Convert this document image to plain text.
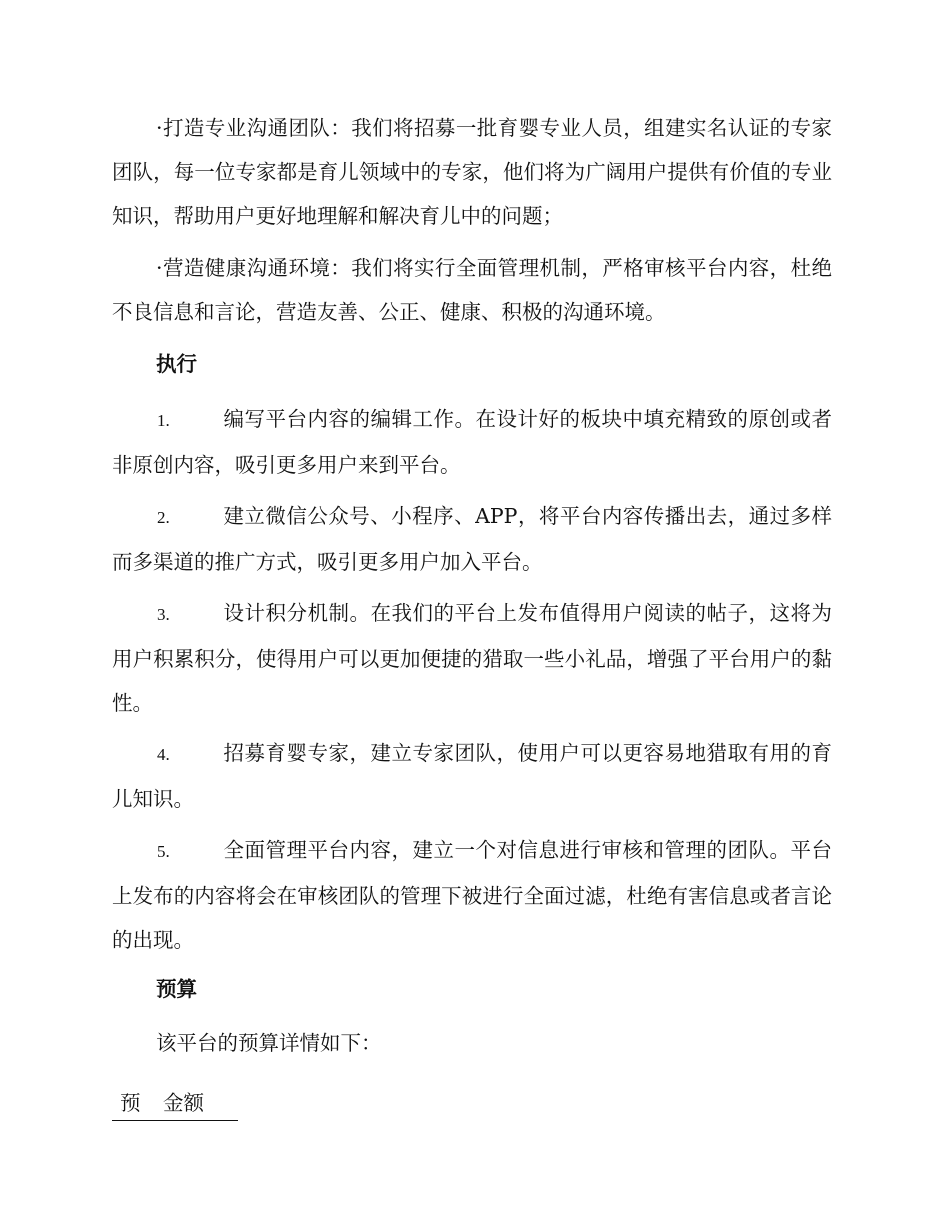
·打造专业沟通团队：我们将招募一批育婴专业人员，组建实名认证的专家团队，每一位专家都是育儿领域中的专家，他们将为广阔用户提供有价值的专业知识，帮助用户更好地理解和解决育儿中的问题；

·营造健康沟通环境：我们将实行全面管理机制，严格审核平台内容，杜绝不良信息和言论，营造友善、公正、健康、积极的沟通环境。

执行

1.	编写平台内容的编辑工作。在设计好的板块中填充精致的原创或者非原创内容，吸引更多用户来到平台。

2.	建立微信公众号、小程序、APP，将平台内容传播出去，通过多样而多渠道的推广方式，吸引更多用户加入平台。

3.	设计积分机制。在我们的平台上发布值得用户阅读的帖子，这将为用户积累积分，使得用户可以更加便捷的猎取一些小礼品，增强了平台用户的黏性。

4.	招募育婴专家，建立专家团队，使用户可以更容易地猎取有用的育儿知识。

5.	全面管理平台内容，建立一个对信息进行审核和管理的团队。平台上发布的内容将会在审核团队的管理下被进行全面过滤，杜绝有害信息或者言论的出现。

预算

该平台的预算详情如下：

预 金额
